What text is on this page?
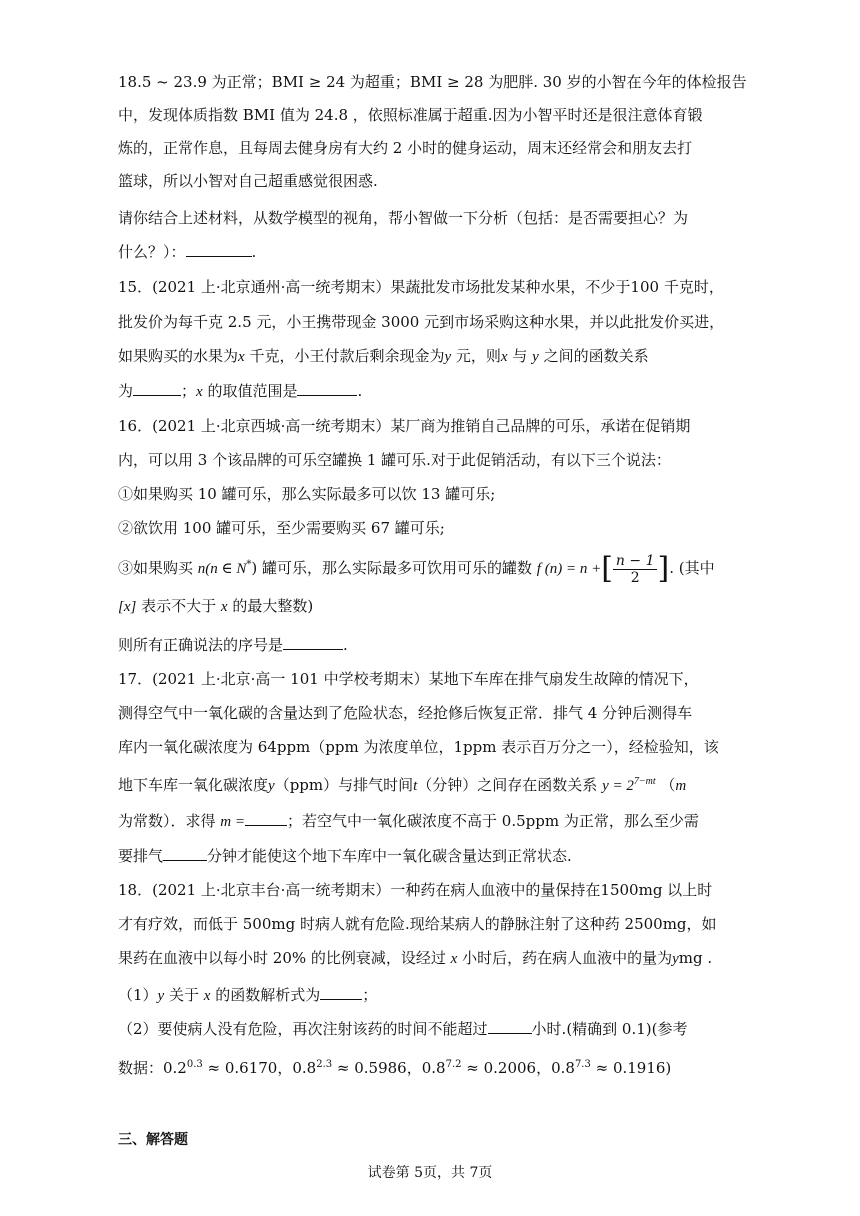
18.5 ~ 23.9 为正常；BMI ≥ 24 为超重；BMI ≥ 28 为肥胖. 30 岁的小智在今年的体检报告
中，发现体质指数 BMI 值为 24.8 ，依照标准属于超重.因为小智平时还是很注意体育锻
炼的，正常作息，且每周去健身房有大约 2 小时的健身运动，周末还经常会和朋友去打
篮球，所以小智对自己超重感觉很困惑.
请你结合上述材料，从数学模型的视角，帮小智做一下分析（包括：是否需要担心？为
什么？）：	.
15．(2021 上·北京通州·高一统考期末）果蔬批发市场批发某种水果，不少于100 千克时，
批发价为每千克 2.5 元，小王携带现金 3000 元到市场采购这种水果，并以此批发价买进，
如果购买的水果为x 千克，小王付款后剩余现金为y 元，则x 与 y 之间的函数关系
为	；x 的取值范围是	.
16．(2021 上·北京西城·高一统考期末）某厂商为推销自己品牌的可乐，承诺在促销期
内，可以用 3 个该品牌的可乐空罐换 1 罐可乐.对于此促销活动，有以下三个说法：
①如果购买 10 罐可乐，那么实际最多可以饮 13 罐可乐;
②欲饮用 100 罐可乐，至少需要购买 67 罐可乐;
③如果购买 n(n ∈ N*) 罐可乐，那么实际最多可饮用可乐的罐数 f (n) = n +[ $\frac{n - 1}{2}$ ]. (其中
[x] 表示不大于 x 的最大整数)
则所有正确说法的序号是	.
17．(2021 上·北京·高一 101 中学校考期末）某地下车库在排气扇发生故障的情况下，
测得空气中一氧化碳的含量达到了危险状态，经抢修后恢复正常．排气 4 分钟后测得车
库内一氧化碳浓度为 64ppm（ppm 为浓度单位，1ppm 表示百万分之一），经检验知，该
地下车库一氧化碳浓度y（ppm）与排气时间t（分钟）之间存在函数关系 $y = 2^{7-mt}$ （m
为常数）．求得 m =	；若空气中一氧化碳浓度不高于 0.5ppm 为正常，那么至少需
要排气	分钟才能使这个地下车库中一氧化碳含量达到正常状态.
18．(2021 上·北京丰台·高一统考期末）一种药在病人血液中的量保持在1500mg 以上时
才有疗效，而低于 500mg 时病人就有危险.现给某病人的静脉注射了这种药 2500mg，如
果药在血液中以每小时 20% 的比例衰减，设经过 x 小时后，药在病人血液中的量为ymg .
（1）y 关于 x 的函数解析式为	；
（2）要使病人没有危险，再次注射该药的时间不能超过	小时.(精确到 0.1)(参考
数据：$0.2^{0.3} \approx 0.6170$，$0.8^{2.3} \approx 0.5986$，$0.8^{7.2} \approx 0.2006$，$0.8^{7.3} \approx 0.1916$)
三、解答题
试卷第 5页，共 7页
